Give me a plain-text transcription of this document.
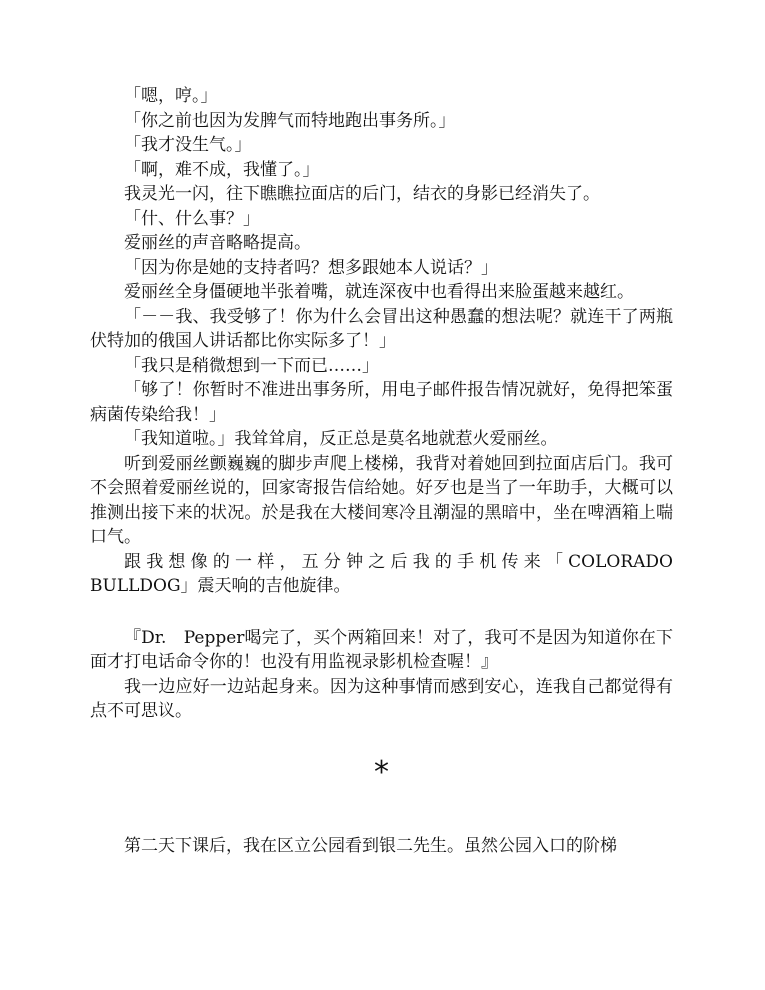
「嗯，哼。」

「你之前也因为发脾气而特地跑出事务所。」

「我才没生气。」

「啊，难不成，我懂了。」

我灵光一闪，往下瞧瞧拉面店的后门，结衣的身影已经消失了。

「什、什么事？」

爱丽丝的声音略略提高。

「因为你是她的支持者吗？想多跟她本人说话？」

爱丽丝全身僵硬地半张着嘴，就连深夜中也看得出来脸蛋越来越红。

「－－我、我受够了！你为什么会冒出这种愚蠢的想法呢？就连干了两瓶伏特加的俄国人讲话都比你实际多了！」

「我只是稍微想到一下而已……」

「够了！你暂时不准进出事务所，用电子邮件报告情况就好，免得把笨蛋病菌传染给我！」

「我知道啦。」我耸耸肩，反正总是莫名地就惹火爱丽丝。

听到爱丽丝颤巍巍的脚步声爬上楼梯，我背对着她回到拉面店后门。我可不会照着爱丽丝说的，回家寄报告信给她。好歹也是当了一年助手，大概可以推测出接下来的状况。於是我在大楼间寒冷且潮湿的黑暗中，坐在啤酒箱上喘口气。

跟我想像的一样，五分钟之后我的手机传来「COLORADO BULLDOG」震天响的吉他旋律。

『Dr.　Pepper喝完了，买个两箱回来！对了，我可不是因为知道你在下面才打电话命令你的！也没有用监视录影机检查喔！』

我一边应好一边站起身来。因为这种事情而感到安心，连我自己都觉得有点不可思议。

*

第二天下课后，我在区立公园看到银二先生。虽然公园入口的阶梯
